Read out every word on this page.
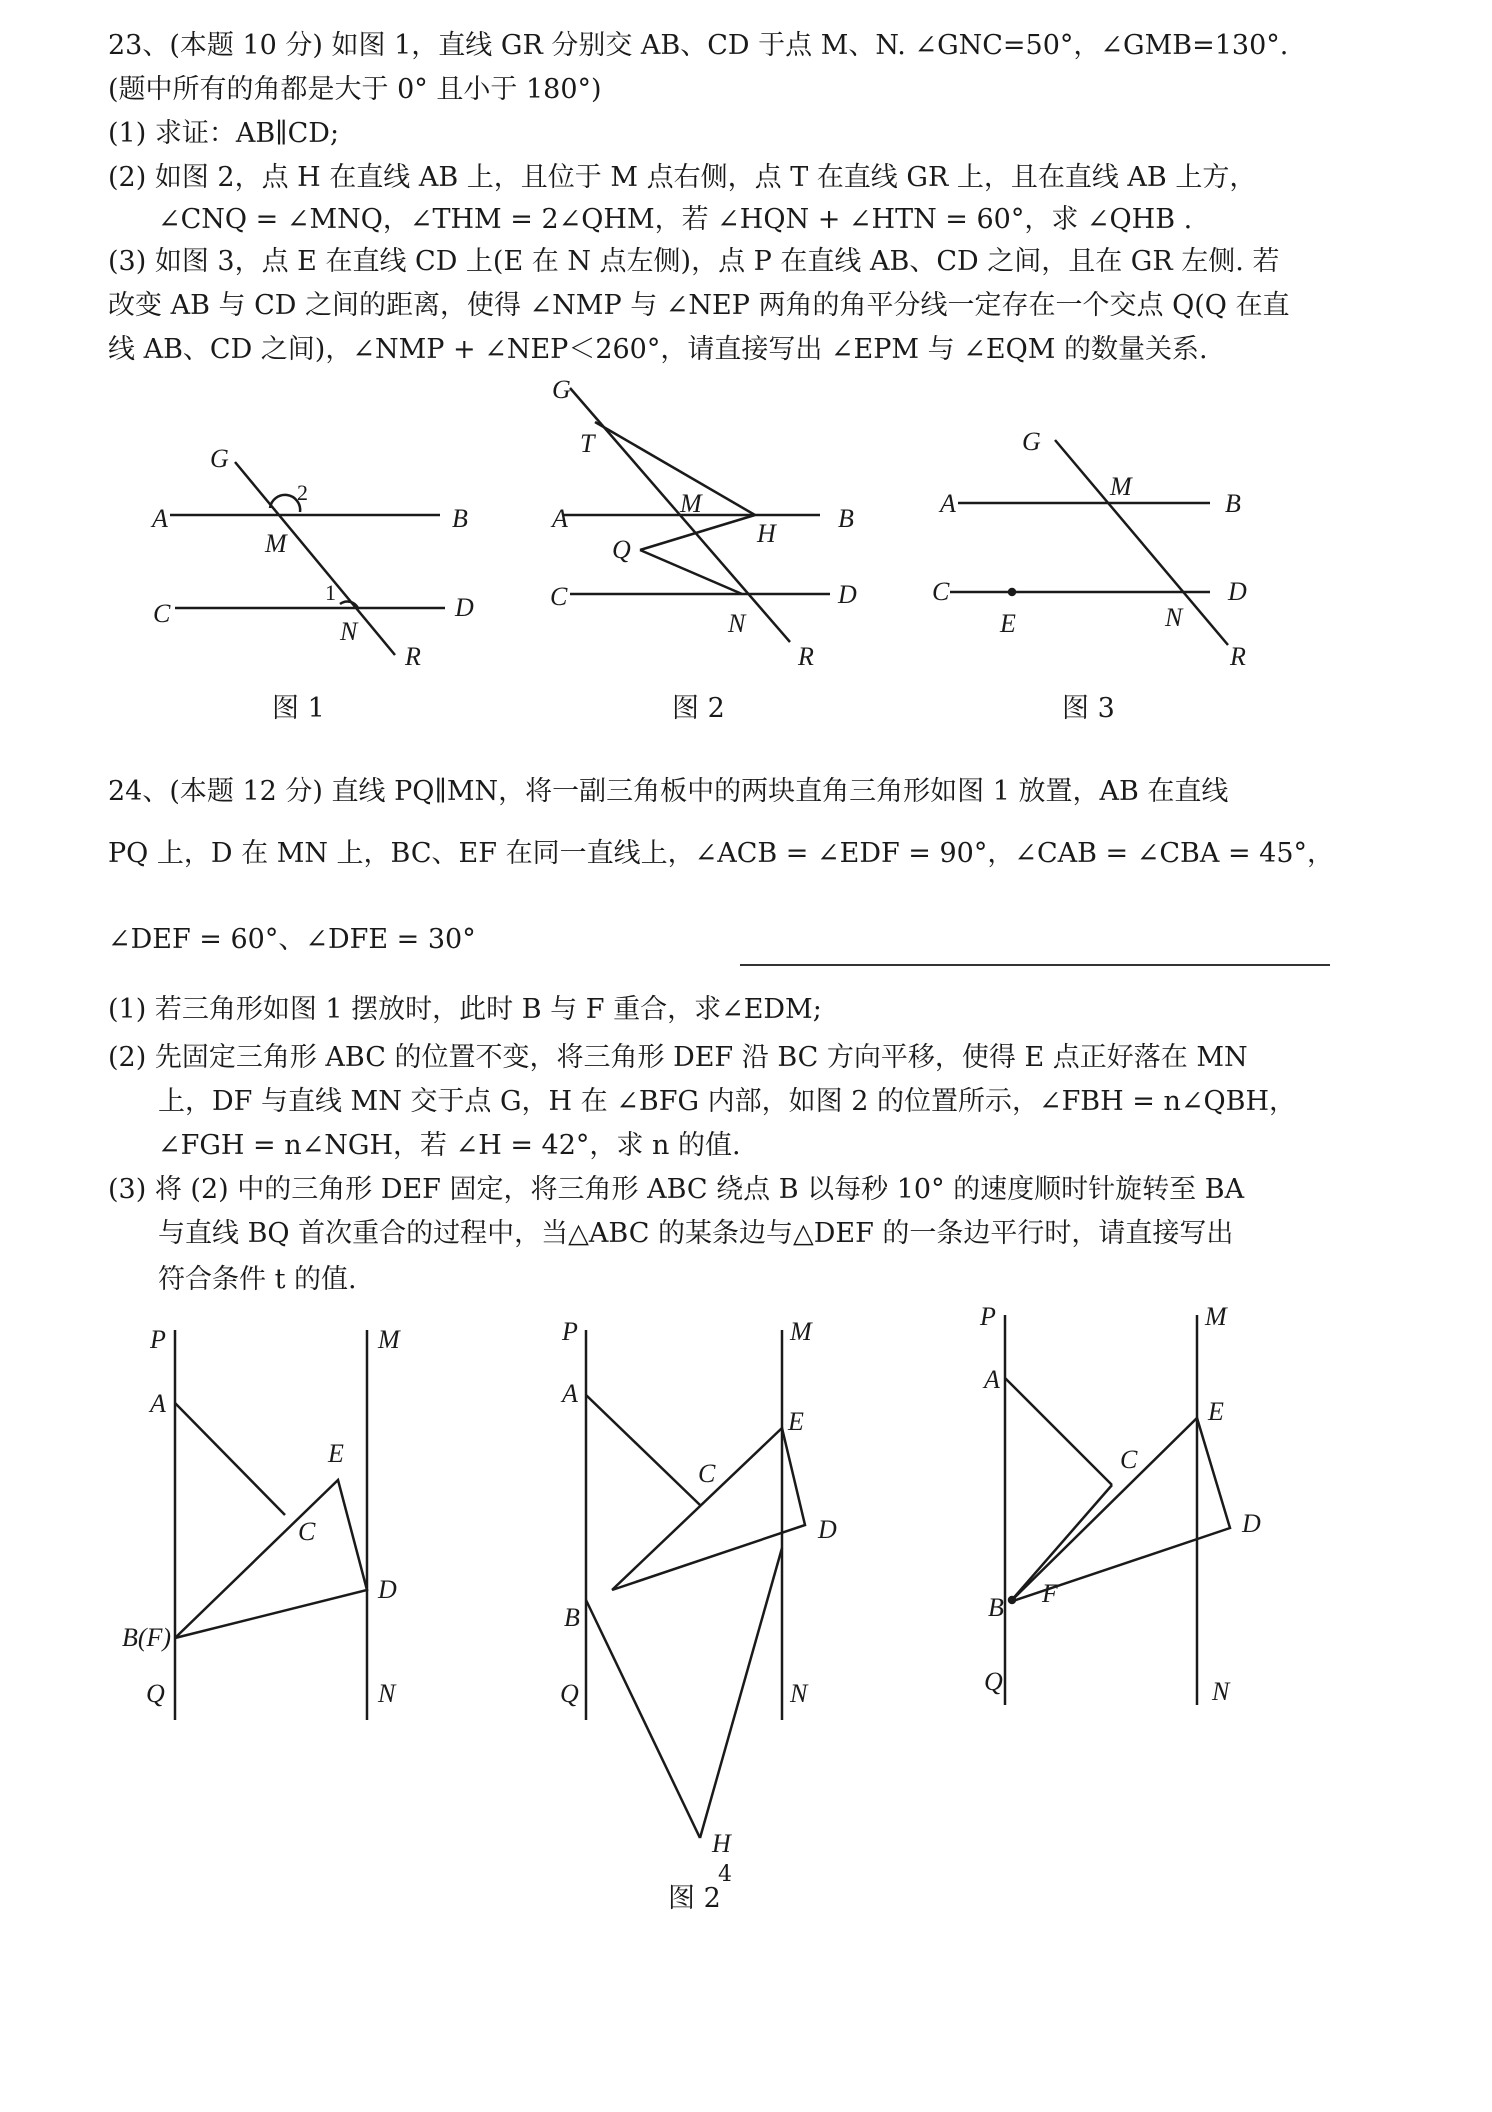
23、(本题 10 分) 如图 1，直线 GR 分别交 AB、CD 于点 M、N. ∠GNC=50°，∠GMB=130°.
(题中所有的角都是大于 0° 且小于 180°)
(1) 求证：AB∥CD;
(2) 如图 2，点 H 在直线 AB 上，且位于 M 点右侧，点 T 在直线 GR 上，且在直线 AB 上方，
∠CNQ = ∠MNQ，∠THM = 2∠QHM，若 ∠HQN + ∠HTN = 60°，求 ∠QHB .
(3) 如图 3，点 E 在直线 CD 上(E 在 N 点左侧)，点 P 在直线 AB、CD 之间，且在 GR 左侧. 若
改变 AB 与 CD 之间的距离，使得 ∠NMP 与 ∠NEP 两角的角平分线一定存在一个交点 Q(Q 在直
线 AB、CD 之间)，∠NMP + ∠NEP＜260°，请直接写出 ∠EPM 与 ∠EQM 的数量关系.
G
A	B
M
2
C	D
1
N
R
G
T
A	B
M
H
Q
C	D
N
R
G
A	B
M
C	D
E	N
R
图 1	图 2	图 3
24、(本题 12 分) 直线 PQ∥MN，将一副三角板中的两块直角三角形如图 1 放置，AB 在直线
PQ 上，D 在 MN 上，BC、EF 在同一直线上，∠ACB = ∠EDF = 90°，∠CAB = ∠CBA = 45°，
∠DEF = 60°、∠DFE = 30°
(1) 若三角形如图 1 摆放时，此时 B 与 F 重合，求∠EDM;
(2) 先固定三角形 ABC 的位置不变，将三角形 DEF 沿 BC 方向平移，使得 E 点正好落在 MN
上，DF 与直线 MN 交于点 G，H 在 ∠BFG 内部，如图 2 的位置所示，∠FBH = n∠QBH，
∠FGH = n∠NGH，若 ∠H = 42°，求 n 的值.
(3) 将 (2) 中的三角形 DEF 固定，将三角形 ABC 绕点 B 以每秒 10° 的速度顺时针旋转至 BA
与直线 BQ 首次重合的过程中，当△ABC 的某条边与△DEF 的一条边平行时，请直接写出
符合条件 t 的值.
P	M
A
E
C
D
B(F)
Q	N
P	M
A
E
C
D
B
Q	N
H
P	M
A
E
C
D
B F
Q	N
图 2
4
